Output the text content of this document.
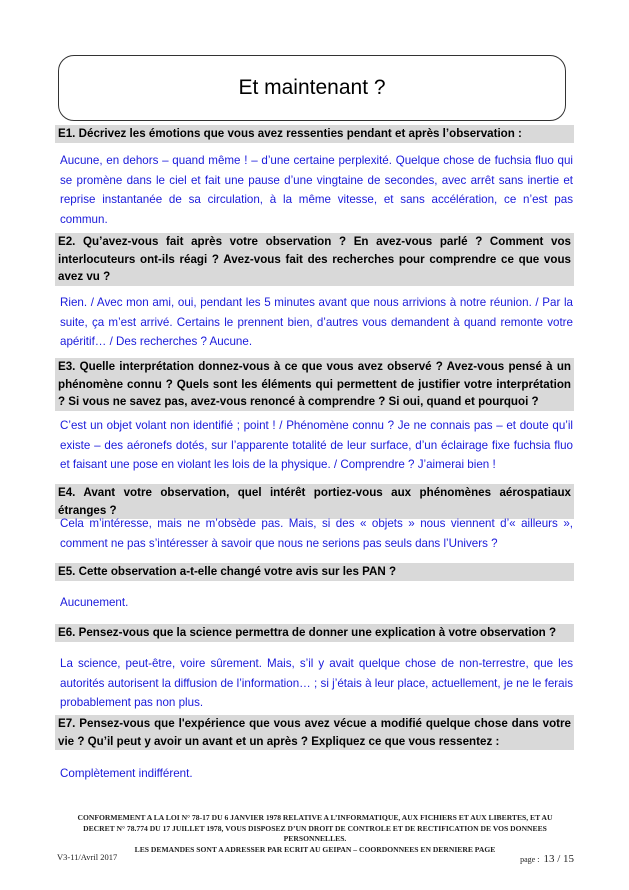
Et maintenant ?
E1. Décrivez les émotions que vous avez ressenties pendant et après l’observation :
Aucune, en dehors – quand même ! – d’une certaine perplexité. Quelque chose de fuchsia fluo qui se promène dans le ciel et fait une pause d’une vingtaine de secondes, avec arrêt sans inertie et reprise instantanée de sa circulation, à la même vitesse, et sans accélération, ce n’est pas commun.
E2. Qu’avez-vous fait après votre observation ? En avez-vous parlé ? Comment vos interlocuteurs ont-ils réagi ? Avez-vous fait des recherches pour comprendre ce que vous avez vu ?
Rien. / Avec mon ami, oui, pendant les 5 minutes avant que nous arrivions à notre réunion. / Par la suite, ça m’est arrivé. Certains le prennent bien, d’autres vous demandent à quand remonte votre apéritif… / Des recherches ? Aucune.
E3. Quelle interprétation donnez-vous à ce que vous avez observé ? Avez-vous pensé à un phénomène connu ? Quels sont les éléments qui permettent de justifier votre interprétation ? Si vous ne savez pas, avez-vous renoncé à comprendre ? Si oui, quand et pourquoi ?
C’est un objet volant non identifié ; point ! / Phénomène connu ? Je ne connais pas – et doute qu’il existe – des aéronefs dotés, sur l’apparente totalité de leur surface, d’un éclairage fixe fuchsia fluo et faisant une pose en violant les lois de la physique. / Comprendre ? J’aimerai bien !
E4. Avant votre observation, quel intérêt portiez-vous aux phénomènes aérospatiaux étranges ?
Cela m’intéresse, mais ne m’obsède pas. Mais, si des « objets » nous viennent d’« ailleurs », comment ne pas s’intéresser à savoir que nous ne serions pas seuls dans l’Univers ?
E5. Cette observation a-t-elle changé votre avis sur les PAN ?
Aucunement.
E6. Pensez-vous que la science permettra de donner une explication à votre observation ?
La science, peut-être, voire sûrement. Mais, s’il y avait quelque chose de non-terrestre, que les autorités autorisent la diffusion de l’information… ; si j’étais à leur place, actuellement, je ne le ferais probablement pas non plus.
E7. Pensez-vous que l'expérience que vous avez vécue a modifié quelque chose dans votre vie ? Qu’il peut y avoir un avant et un après ? Expliquez ce que vous ressentez :
Complètement indifférent.
CONFORMEMENT A LA LOI N° 78-17 DU 6 JANVIER 1978 RELATIVE A L’INFORMATIQUE, AUX FICHIERS ET AUX LIBERTES, ET AU DECRET N° 78.774 DU 17 JUILLET 1978, VOUS DISPOSEZ D’UN DROIT DE CONTROLE ET DE RECTIFICATION DE VOS DONNEES PERSONNELLES.
LES DEMANDES SONT A ADRESSER PAR ECRIT AU GEIPAN – COORDONNEES EN DERNIERE PAGE
V3-11/Avril 2017	page : 13 / 15
